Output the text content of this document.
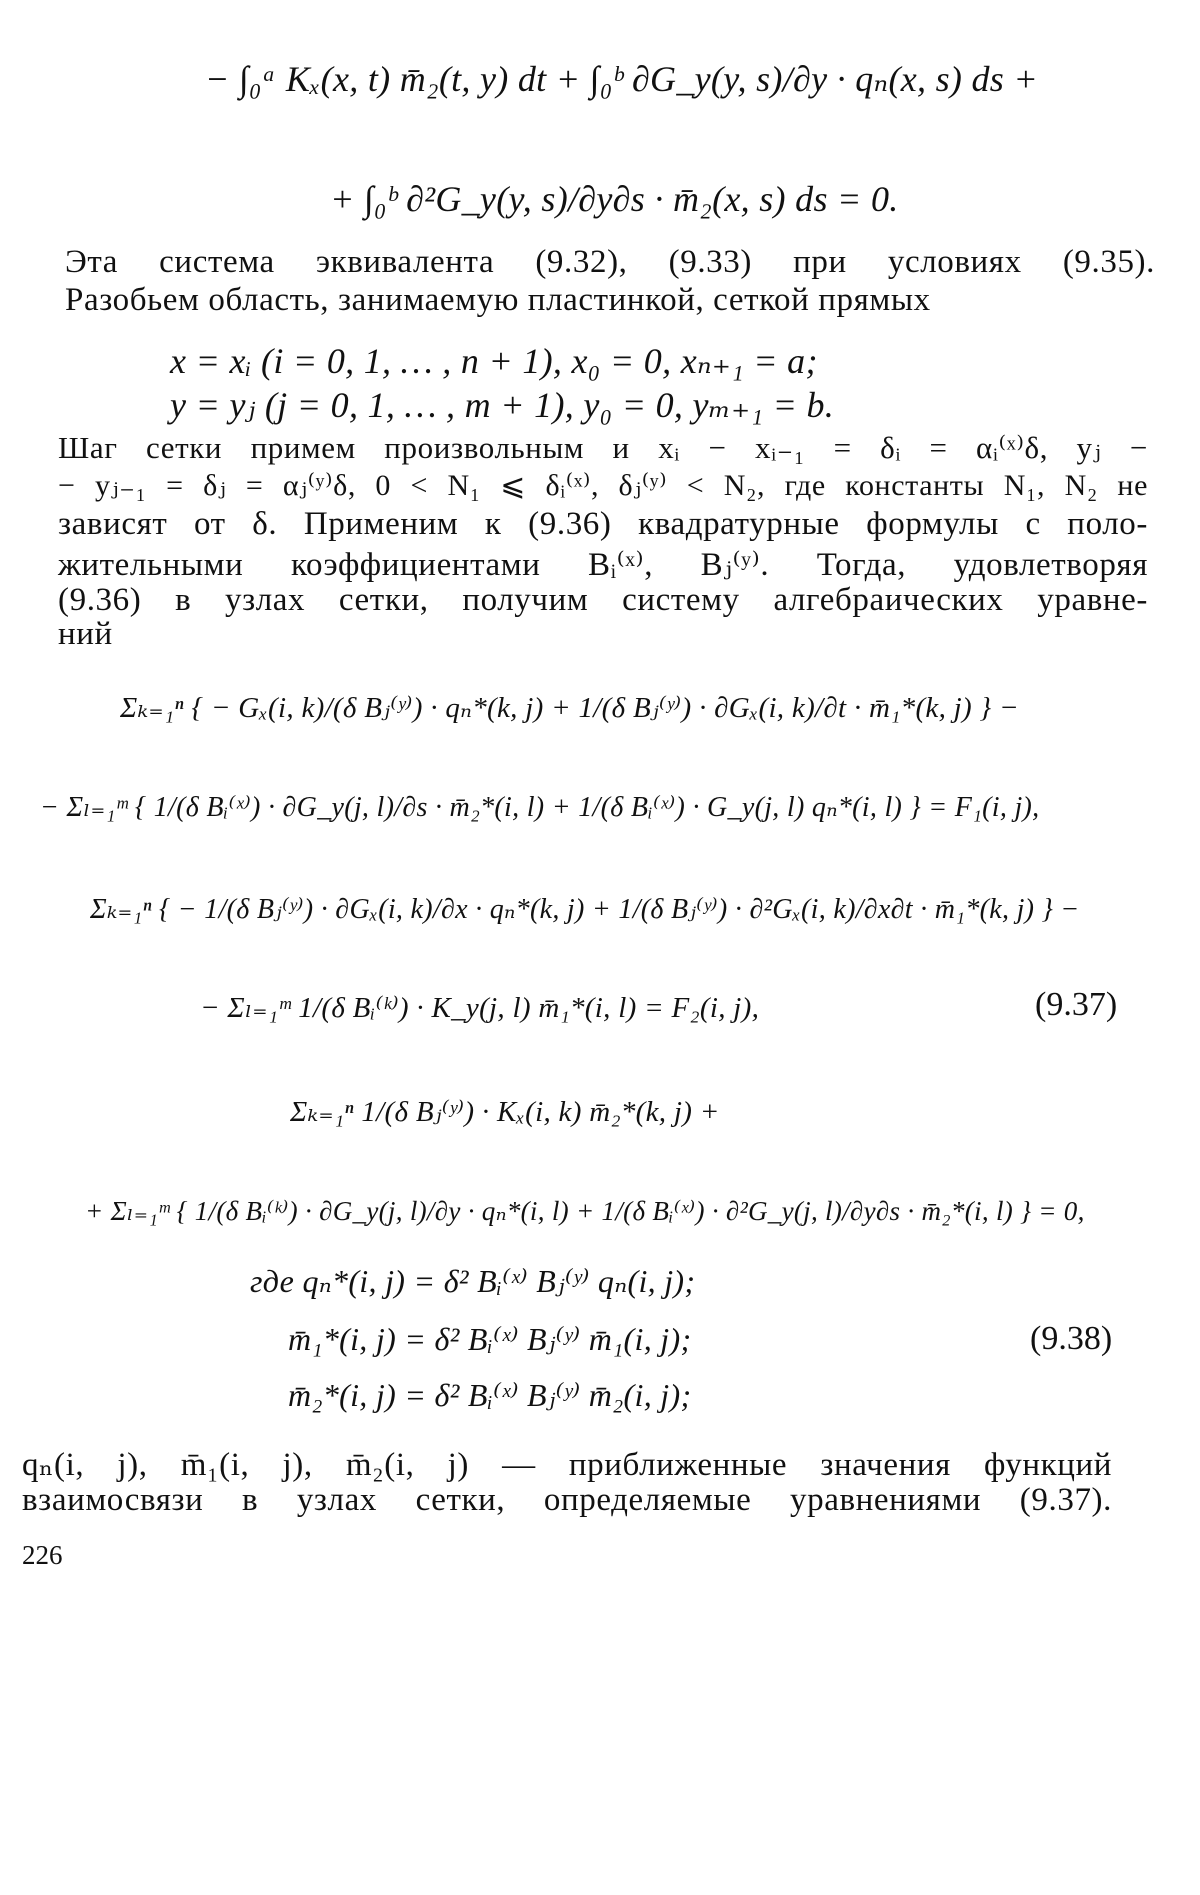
− ∫₀ᵃ Kₓ(x, t) m̄₂(t, y) dt + ∫₀ᵇ ∂G_y(y, s)/∂y · qₙ(x, s) ds +
+ ∫₀ᵇ ∂²G_y(y, s)/∂y∂s · m̄₂(x, s) ds = 0.
Эта система эквивалента (9.32), (9.33) при условиях (9.35).
Разобьем область, занимаемую пластинкой, сеткой прямых
x = xᵢ (i = 0, 1, … , n + 1), x₀ = 0, xₙ₊₁ = a;
y = yⱼ (j = 0, 1, … , m + 1), y₀ = 0, yₘ₊₁ = b.
Шаг сетки примем произвольным и xᵢ − xᵢ₋₁ = δᵢ = αᵢ⁽ˣ⁾δ, yⱼ −
− yⱼ₋₁ = δⱼ = αⱼ⁽ʸ⁾δ, 0 < N₁ ⩽ δᵢ⁽ˣ⁾, δⱼ⁽ʸ⁾ < N₂, где константы N₁, N₂ не
зависят от δ. Применим к (9.36) квадратурные формулы с поло-
жительными коэффициентами Bᵢ⁽ˣ⁾, Bⱼ⁽ʸ⁾. Тогда, удовлетворяя
(9.36) в узлах сетки, получим систему алгебраических уравне-
ний
Σₖ₌₁ⁿ { − Gₓ(i, k)/(δ Bⱼ⁽ʸ⁾) · qₙ*(k, j) + 1/(δ Bⱼ⁽ʸ⁾) · ∂Gₓ(i, k)/∂t · m̄₁*(k, j) } −
− Σₗ₌₁ᵐ { 1/(δ Bᵢ⁽ˣ⁾) · ∂G_y(j, l)/∂s · m̄₂*(i, l) + 1/(δ Bᵢ⁽ˣ⁾) · G_y(j, l) qₙ*(i, l) } = F₁(i, j),
Σₖ₌₁ⁿ { − 1/(δ Bⱼ⁽ʸ⁾) · ∂Gₓ(i, k)/∂x · qₙ*(k, j) + 1/(δ Bⱼ⁽ʸ⁾) · ∂²Gₓ(i, k)/∂x∂t · m̄₁*(k, j) } −
− Σₗ₌₁ᵐ 1/(δ Bᵢ⁽ᵏ⁾) · K_y(j, l) m̄₁*(i, l) = F₂(i, j),	(9.37)
Σₖ₌₁ⁿ 1/(δ Bⱼ⁽ʸ⁾) · Kₓ(i, k) m̄₂*(k, j) +
+ Σₗ₌₁ᵐ { 1/(δ Bᵢ⁽ᵏ⁾) · ∂G_y(j, l)/∂y · qₙ*(i, l) + 1/(δ Bᵢ⁽ˣ⁾) · ∂²G_y(j, l)/∂y∂s · m̄₂*(i, l) } = 0,
где qₙ*(i, j) = δ² Bᵢ⁽ˣ⁾ Bⱼ⁽ʸ⁾ qₙ(i, j);
m̄₁*(i, j) = δ² Bᵢ⁽ˣ⁾ Bⱼ⁽ʸ⁾ m̄₁(i, j);
m̄₂*(i, j) = δ² Bᵢ⁽ˣ⁾ Bⱼ⁽ʸ⁾ m̄₂(i, j);
(9.38)
qₙ(i, j), m̄₁(i, j), m̄₂(i, j) — приближенные значения функций
взаимосвязи в узлах сетки, определяемые уравнениями (9.37).
226
